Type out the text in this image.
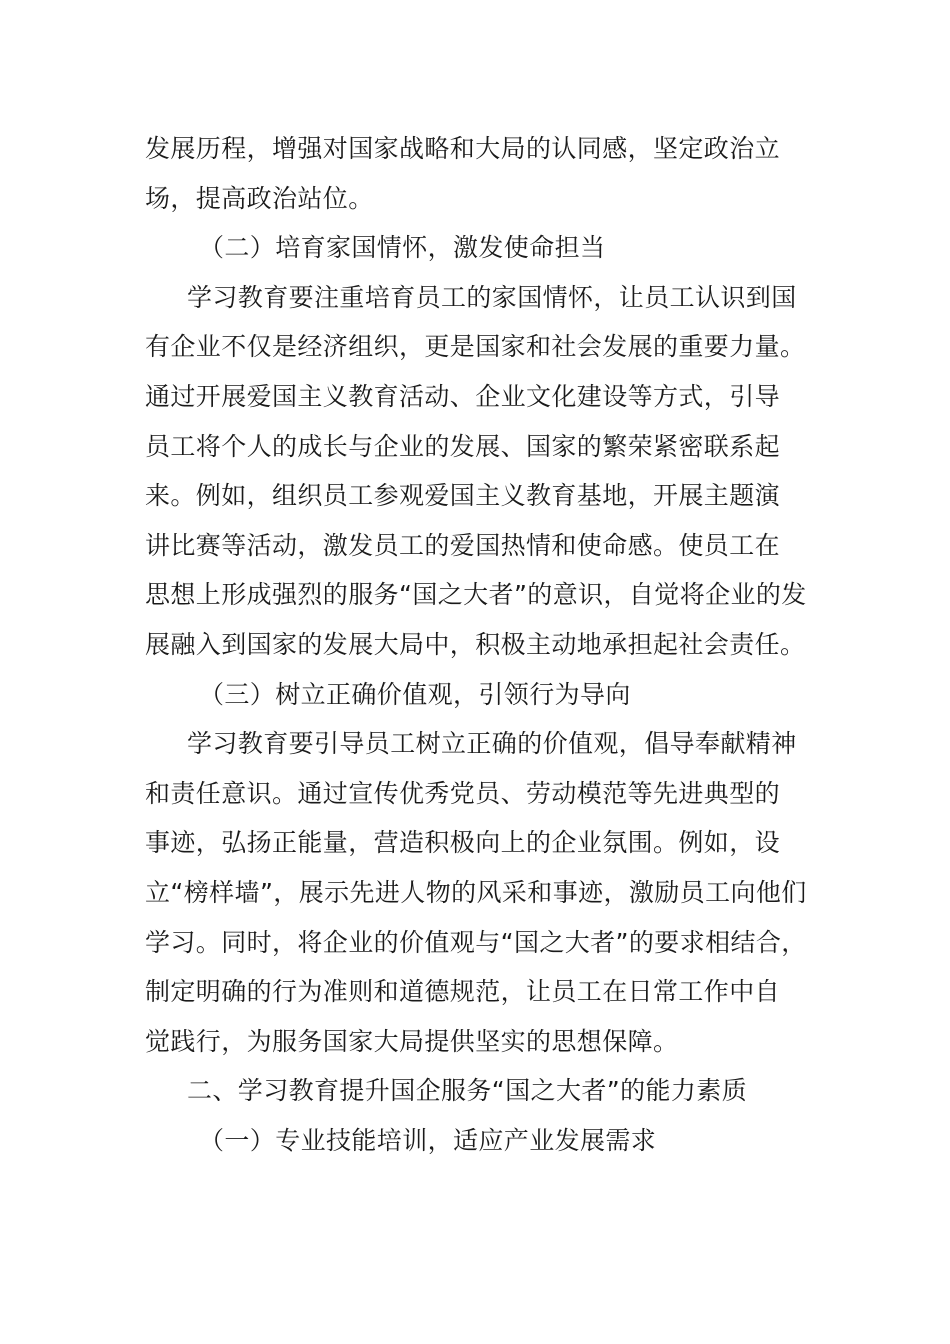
发展历程，增强对国家战略和大局的认同感，坚定政治立
场，提高政治站位。
（二）培育家国情怀，激发使命担当
学习教育要注重培育员工的家国情怀，让员工认识到国
有企业不仅是经济组织，更是国家和社会发展的重要力量。
通过开展爱国主义教育活动、企业文化建设等方式，引导
员工将个人的成长与企业的发展、国家的繁荣紧密联系起
来。例如，组织员工参观爱国主义教育基地，开展主题演
讲比赛等活动，激发员工的爱国热情和使命感。使员工在
思想上形成强烈的服务“国之大者”的意识，自觉将企业的发
展融入到国家的发展大局中，积极主动地承担起社会责任。
（三）树立正确价值观，引领行为导向
学习教育要引导员工树立正确的价值观，倡导奉献精神
和责任意识。通过宣传优秀党员、劳动模范等先进典型的
事迹，弘扬正能量，营造积极向上的企业氛围。例如，设
立“榜样墙”，展示先进人物的风采和事迹，激励员工向他们
学习。同时，将企业的价值观与“国之大者”的要求相结合，
制定明确的行为准则和道德规范，让员工在日常工作中自
觉践行，为服务国家大局提供坚实的思想保障。
二、学习教育提升国企服务“国之大者”的能力素质
（一）专业技能培训，适应产业发展需求
